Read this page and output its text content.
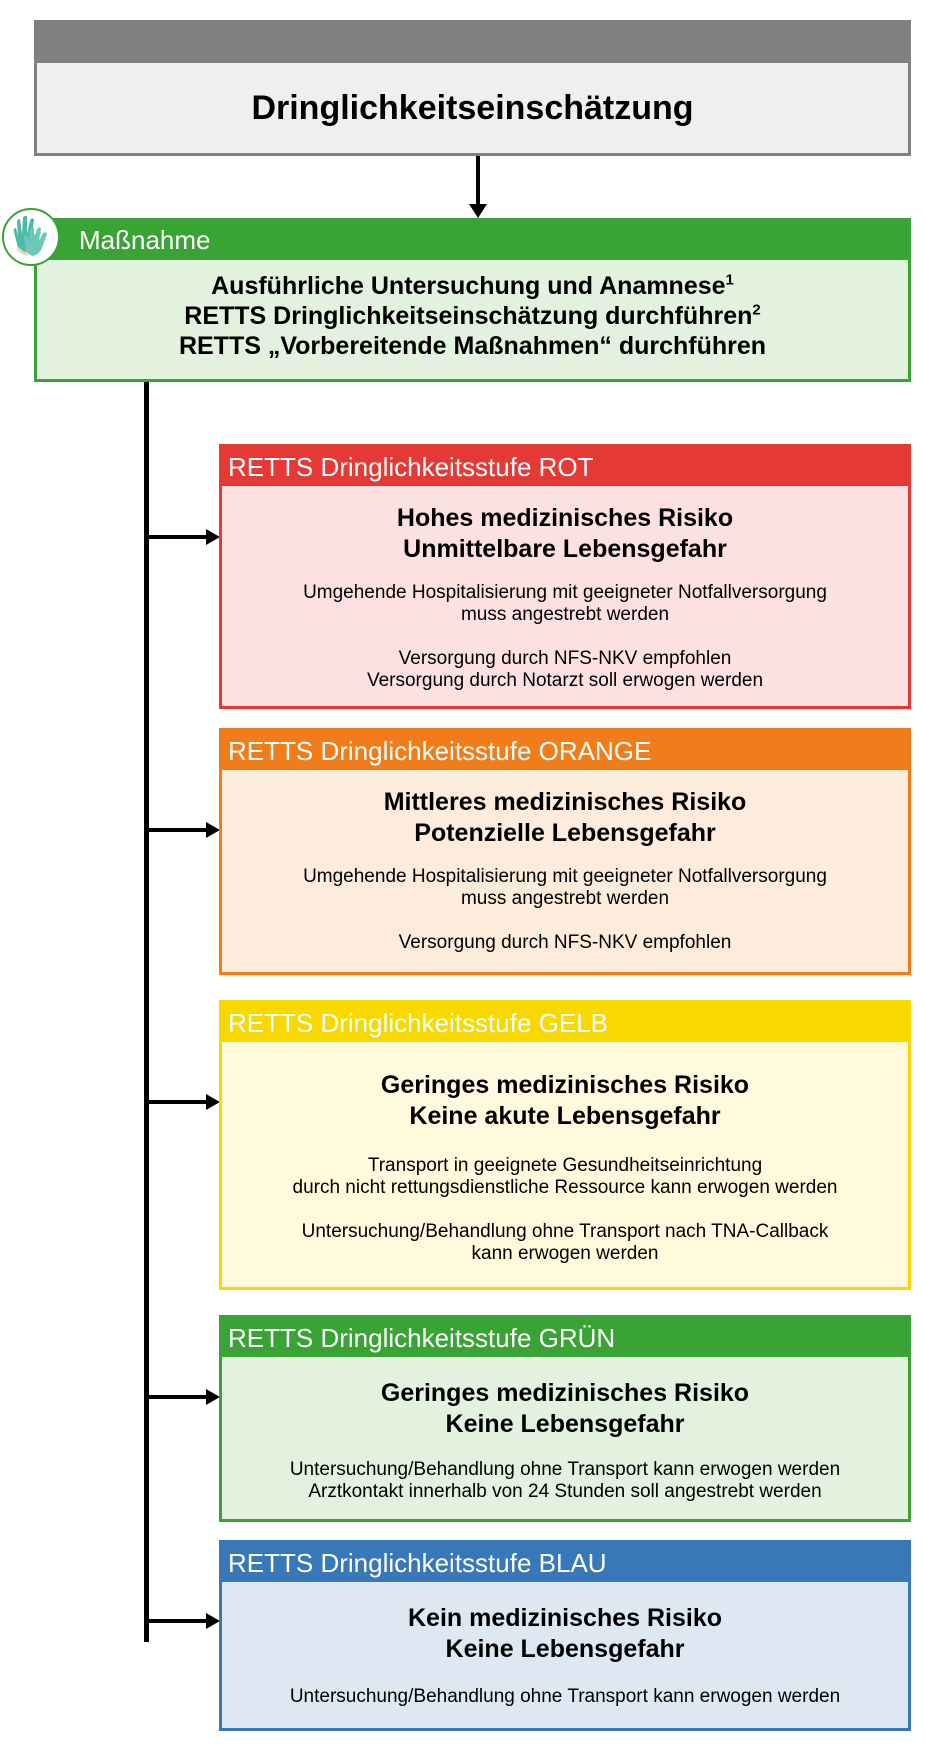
Dringlichkeitseinschätzung
Maßnahme
Ausführliche Untersuchung und Anamnese$^1$
RETTS Dringlichkeitseinschätzung durchführen$^2$
RETTS „Vorbereitende Maßnahmen“ durchführen
RETTS Dringlichkeitsstufe ROT
Hohes medizinisches Risiko
Unmittelbare Lebensgefahr
Umgehende Hospitalisierung mit geeigneter Notfallversorgung
muss angestrebt werden
Versorgung durch NFS-NKV empfohlen
Versorgung durch Notarzt soll erwogen werden
RETTS Dringlichkeitsstufe ORANGE
Mittleres medizinisches Risiko
Potenzielle Lebensgefahr
Umgehende Hospitalisierung mit geeigneter Notfallversorgung
muss angestrebt werden
Versorgung durch NFS-NKV empfohlen
RETTS Dringlichkeitsstufe GELB
Geringes medizinisches Risiko
Keine akute Lebensgefahr
Transport in geeignete Gesundheitseinrichtung
durch nicht rettungsdienstliche Ressource kann erwogen werden
Untersuchung/Behandlung ohne Transport nach TNA-Callback
kann erwogen werden
RETTS Dringlichkeitsstufe GRÜN
Geringes medizinisches Risiko
Keine Lebensgefahr
Untersuchung/Behandlung ohne Transport kann erwogen werden
Arztkontakt innerhalb von 24 Stunden soll angestrebt werden
RETTS Dringlichkeitsstufe BLAU
Kein medizinisches Risiko
Keine Lebensgefahr
Untersuchung/Behandlung ohne Transport kann erwogen werden
